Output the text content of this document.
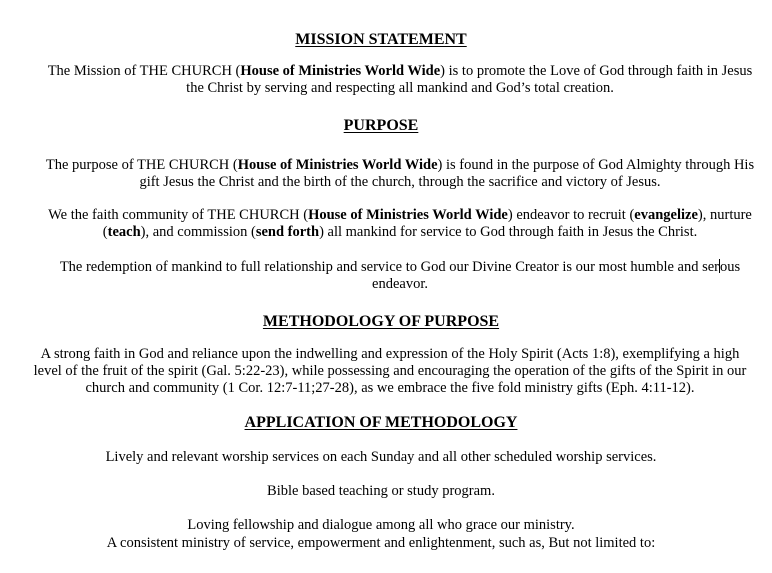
MISSION STATEMENT

The Mission of THE CHURCH (House of Ministries World Wide) is to promote the Love of God through faith in Jesus
the Christ by serving and respecting all mankind and God’s total creation.

PURPOSE

The purpose of THE CHURCH (House of Ministries World Wide) is found in the purpose of God Almighty through His
gift Jesus the Christ and the birth of the church, through the sacrifice and victory of Jesus.

We the faith community of THE CHURCH (House of Ministries World Wide) endeavor to recruit (evangelize), nurture
(teach), and commission (send forth) all mankind for service to God through faith in Jesus the Christ.

The redemption of mankind to full relationship and service to God our Divine Creator is our most humble and serous
endeavor.

METHODOLOGY OF PURPOSE

A strong faith in God and reliance upon the indwelling and expression of the Holy Spirit (Acts 1:8), exemplifying a high
level of the fruit of the spirit (Gal. 5:22-23), while possessing and encouraging the operation of the gifts of the Spirit in our
church and community (1 Cor. 12:7-11;27-28), as we embrace the five fold ministry gifts (Eph. 4:11-12).

APPLICATION OF METHODOLOGY

Lively and relevant worship services on each Sunday and all other scheduled worship services.

Bible based teaching or study program.

Loving fellowship and dialogue among all who grace our ministry.

A consistent ministry of service, empowerment and enlightenment, such as, But not limited to:
